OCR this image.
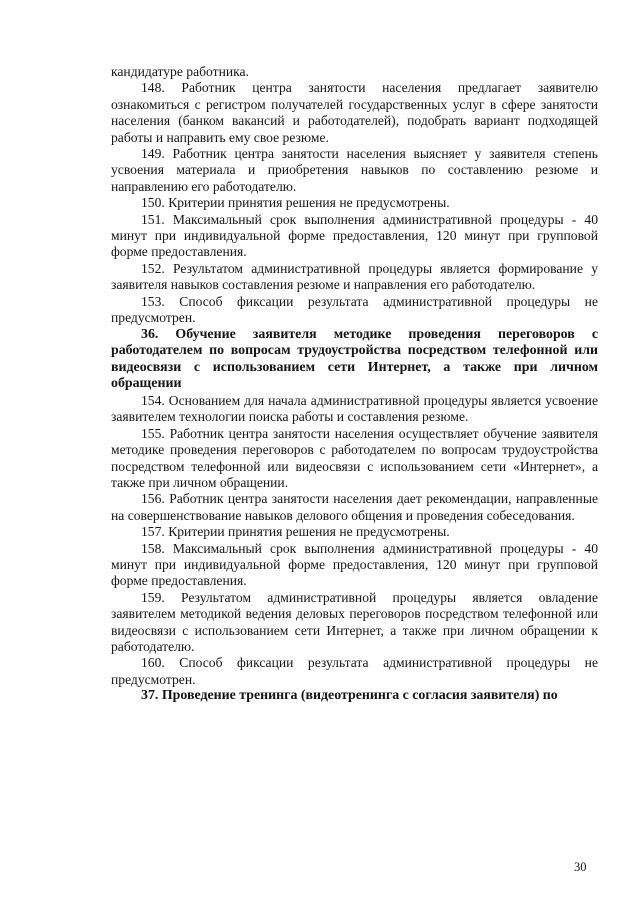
кандидатуре работника.

148. Работник центра занятости населения предлагает заявителю ознакомиться с регистром получателей государственных услуг в сфере занятости населения (банком вакансий и работодателей), подобрать вариант подходящей работы и направить ему свое резюме.

149. Работник центра занятости населения выясняет у заявителя степень усвоения материала и приобретения навыков по составлению резюме и направлению его работодателю.

150. Критерии принятия решения не предусмотрены.

151. Максимальный срок выполнения административной процедуры - 40 минут при индивидуальной форме предоставления, 120 минут при групповой форме предоставления.

152. Результатом административной процедуры является формирование у заявителя навыков составления резюме и направления его работодателю.

153. Способ фиксации результата административной процедуры не предусмотрен.

36. Обучение заявителя методике проведения переговоров с работодателем по вопросам трудоустройства посредством телефонной или видеосвязи с использованием сети Интернет, а также при личном обращении

154. Основанием для начала административной процедуры является усвоение заявителем технологии поиска работы и составления резюме.

155. Работник центра занятости населения осуществляет обучение заявителя методике проведения переговоров с работодателем по вопросам трудоустройства посредством телефонной или видеосвязи с использованием сети «Интернет», а также при личном обращении.

156. Работник центра занятости населения дает рекомендации, направленные на совершенствование навыков делового общения и проведения собеседования.

157. Критерии принятия решения не предусмотрены.

158. Максимальный срок выполнения административной процедуры - 40 минут при индивидуальной форме предоставления, 120 минут при групповой форме предоставления.

159. Результатом административной процедуры является овладение заявителем методикой ведения деловых переговоров посредством телефонной или видеосвязи с использованием сети Интернет, а также при личном обращении к работодателю.

160. Способ фиксации результата административной процедуры не предусмотрен.

37. Проведение тренинга (видеотренинга с согласия заявителя) по

30
